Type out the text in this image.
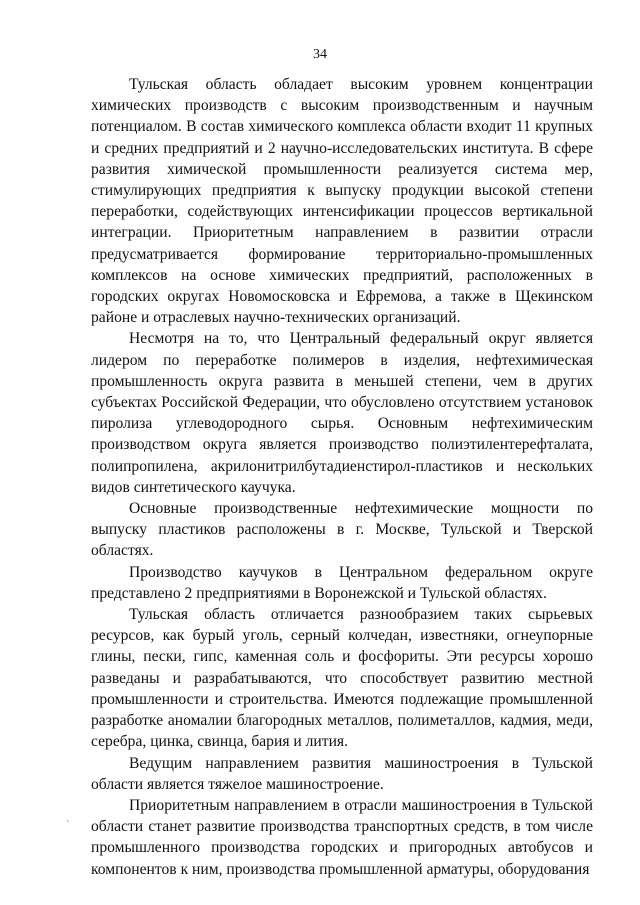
34

Тульская область обладает высоким уровнем концентрации химических производств с высоким производственным и научным потенциалом. В состав химического комплекса области входит 11 крупных и средних предприятий и 2 научно-исследовательских института. В сфере развития химической промышленности реализуется система мер, стимулирующих предприятия к выпуску продукции высокой степени переработки, содействующих интенсификации процессов вертикальной интеграции. Приоритетным направлением в развитии отрасли предусматривается формирование территориально-промышленных комплексов на основе химических предприятий, расположенных в городских округах Новомосковска и Ефремова, а также в Щекинском районе и отраслевых научно-технических организаций.

Несмотря на то, что Центральный федеральный округ является лидером по переработке полимеров в изделия, нефтехимическая промышленность округа развита в меньшей степени, чем в других субъектах Российской Федерации, что обусловлено отсутствием установок пиролиза углеводородного сырья. Основным нефтехимическим производством округа является производство полиэтилентерефталата, полипропилена, акрилонитрилбутадиенстирол-пластиков и нескольких видов синтетического каучука.

Основные производственные нефтехимические мощности по выпуску пластиков расположены в г. Москве, Тульской и Тверской областях.

Производство каучуков в Центральном федеральном округе представлено 2 предприятиями в Воронежской и Тульской областях.

Тульская область отличается разнообразием таких сырьевых ресурсов, как бурый уголь, серный колчедан, известняки, огнеупорные глины, пески, гипс, каменная соль и фосфориты. Эти ресурсы хорошо разведаны и разрабатываются, что способствует развитию местной промышленности и строительства. Имеются подлежащие промышленной разработке аномалии благородных металлов, полиметаллов, кадмия, меди, серебра, цинка, свинца, бария и лития.

Ведущим направлением развития машиностроения в Тульской области является тяжелое машиностроение.

Приоритетным направлением в отрасли машиностроения в Тульской области станет развитие производства транспортных средств, в том числе промышленного производства городских и пригородных автобусов и компонентов к ним, производства промышленной арматуры, оборудования

`
